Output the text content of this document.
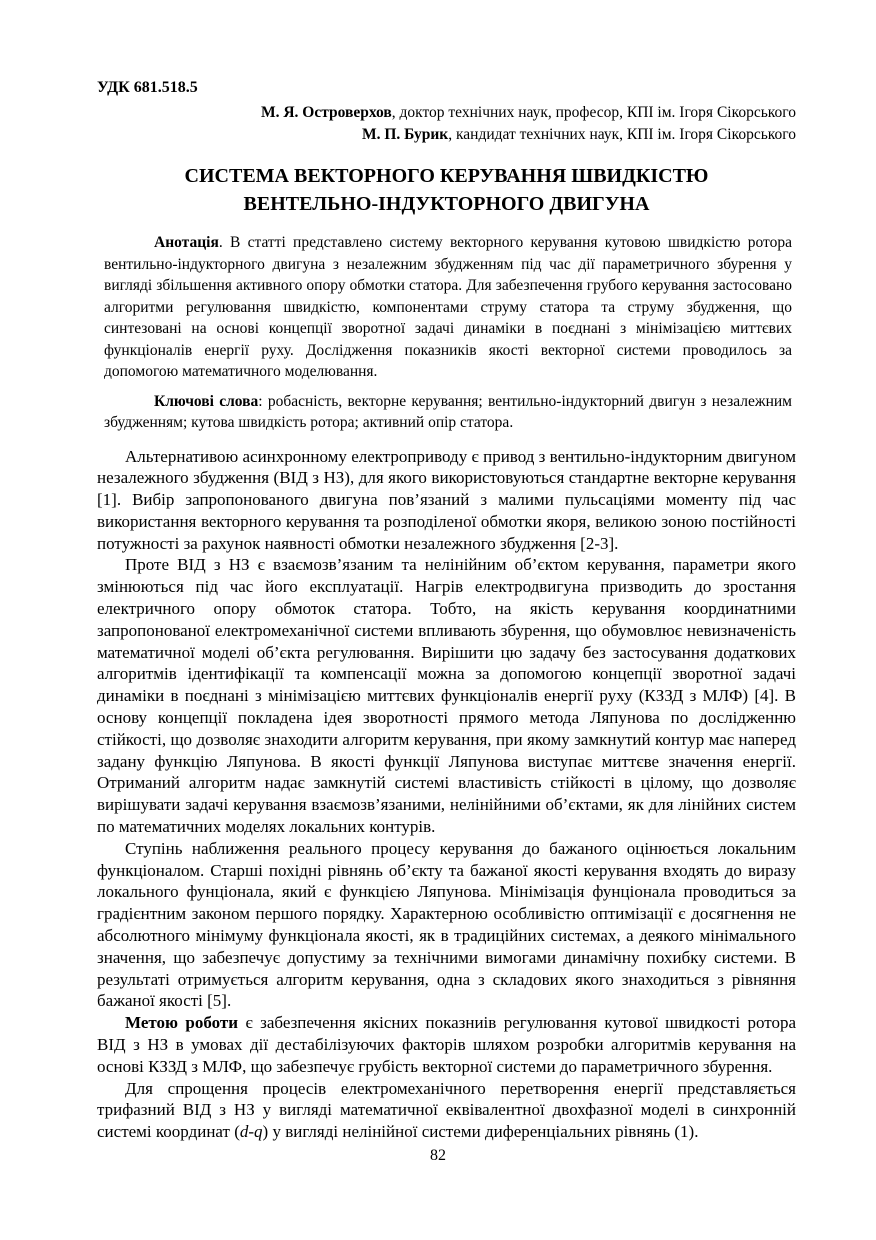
УДК 681.518.5

М. Я. Островерхов, доктор технічних наук, професор, КПІ ім. Ігоря Сікорського
М. П. Бурик, кандидат технічних наук, КПІ ім. Ігоря Сікорського
СИСТЕМА ВЕКТОРНОГО КЕРУВАННЯ ШВИДКІСТЮ
ВЕНТЕЛЬНО-ІНДУКТОРНОГО ДВИГУНА

Анотація. В статті представлено систему векторного керування кутовою швидкістю ротора вентильно-індукторного двигуна з незалежним збудженням під час дії параметричного збурення у вигляді збільшення активного опору обмотки статора. Для забезпечення грубого керування застосовано алгоритми регулювання швидкістю, компонентами струму статора та струму збудження, що синтезовані на основі концепції зворотної задачі динаміки в поєднані з мінімізацією миттєвих функціоналів енергії руху. Дослідження показників якості векторної системи проводилось за допомогою математичного моделювання.

Ключові слова: робасність, векторне керування; вентильно-індукторний двигун з незалежним збудженням; кутова швидкість ротора; активний опір статора.

Альтернативою асинхронному електроприводу є привод з вентильно-індукторним двигуном незалежного збудження (ВІД з НЗ), для якого використовуються стандартне векторне керування [1]. Вибір запропонованого двигуна пов’язаний з малими пульсаціями моменту під час використання векторного керування та розподіленої обмотки якоря, великою зоною постійності потужності за рахунок наявності обмотки незалежного збудження [2-3].

Проте ВІД з НЗ є взаємозв’язаним та нелінійним об’єктом керування, параметри якого змінюються під час його експлуатації. Нагрів електродвигуна призводить до зростання електричного опору обмоток статора. Тобто, на якість керування координатними запропонованої електромеханічної системи впливають збурення, що обумовлює невизначеність математичної моделі об’єкта регулювання. Вирішити цю задачу без застосування додаткових алгоритмів ідентифікації та компенсації можна за допомогою концепції зворотної задачі динаміки в поєднані з мінімізацією миттєвих функціоналів енергії руху (КЗЗД з МЛФ) [4]. В основу концепції покладена ідея зворотності прямого метода Ляпунова по дослідженню стійкості, що дозволяє знаходити алгоритм керування, при якому замкнутий контур має наперед задану функцію Ляпунова. В якості функції Ляпунова виступає миттєве значення енергії. Отриманий алгоритм надає замкнутій системі властивість стійкості в цілому, що дозволяє вирішувати задачі керування взаємозв’язаними, нелінійними об’єктами, як для лінійних систем по математичних моделях локальних контурів.

Ступінь наближення реального процесу керування до бажаного оцінюється локальним функціоналом. Старші похідні рівнянь об’єкту та бажаної якості керування входять до виразу локального фунціонала, який є функцією Ляпунова. Мінімізація фунціонала проводиться за градієнтним законом першого порядку. Характерною особливістю оптимізації є досягнення не абсолютного мінімуму функціонала якості, як в традиційних системах, а деякого мінімального значення, що забезпечує допустиму за технічними вимогами динамічну похибку системи. В результаті отримується алгоритм керування, одна з складових якого знаходиться з рівняння бажаної якості [5].

Метою роботи є забезпечення якісних показниів регулювання кутової швидкості ротора ВІД з НЗ в умовах дії дестабілізуючих факторів шляхом розробки алгоритмів керування на основі КЗЗД з МЛФ, що забезпечує грубість векторної системи до параметричного збурення.

Для спрощення процесів електромеханічного перетворення енергії представляється трифазний ВІД з НЗ у вигляді математичної еквівалентної двохфазної моделі в синхронній системі координат (d-q) у вигляді нелінійної системи диференціальних рівнянь (1).

82
